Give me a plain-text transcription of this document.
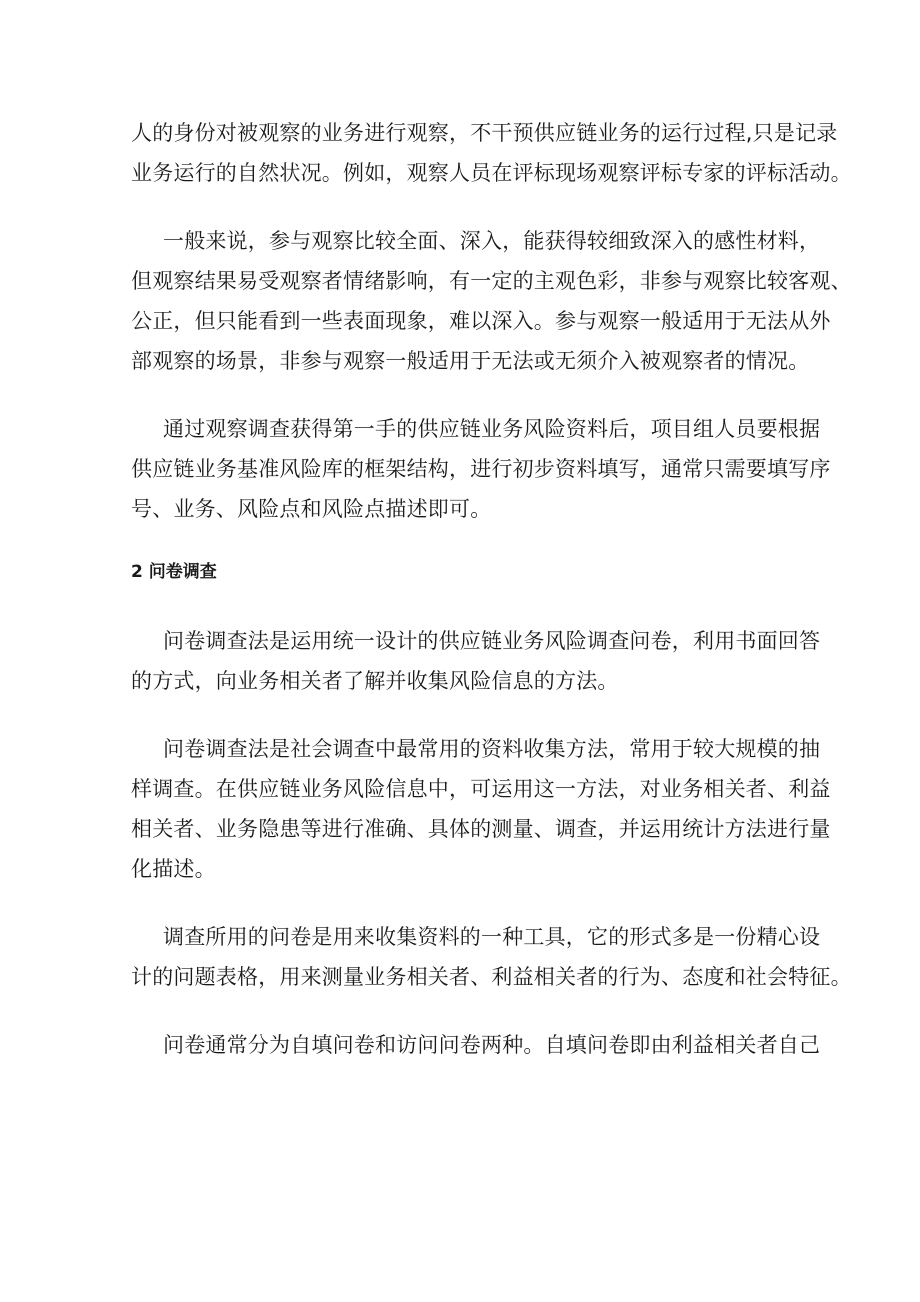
人的身份对被观察的业务进行观察，不干预供应链业务的运行过程,只是记录
业务运行的自然状况。例如，观察人员在评标现场观察评标专家的评标活动。

一般来说，参与观察比较全面、深入，能获得较细致深入的感性材料，
但观察结果易受观察者情绪影响，有一定的主观色彩，非参与观察比较客观、
公正，但只能看到一些表面现象，难以深入。参与观察一般适用于无法从外
部观察的场景，非参与观察一般适用于无法或无须介入被观察者的情况。

通过观察调查获得第一手的供应链业务风险资料后，项目组人员要根据
供应链业务基准风险库的框架结构，进行初步资料填写，通常只需要填写序
号、业务、风险点和风险点描述即可。

2 问卷调查

问卷调查法是运用统一设计的供应链业务风险调查问卷，利用书面回答
的方式，向业务相关者了解并收集风险信息的方法。

问卷调查法是社会调查中最常用的资料收集方法，常用于较大规模的抽
样调查。在供应链业务风险信息中，可运用这一方法，对业务相关者、利益
相关者、业务隐患等进行准确、具体的测量、调查，并运用统计方法进行量
化描述。

调查所用的问卷是用来收集资料的一种工具，它的形式多是一份精心设
计的问题表格，用来测量业务相关者、利益相关者的行为、态度和社会特征。

问卷通常分为自填问卷和访问问卷两种。自填问卷即由利益相关者自己
